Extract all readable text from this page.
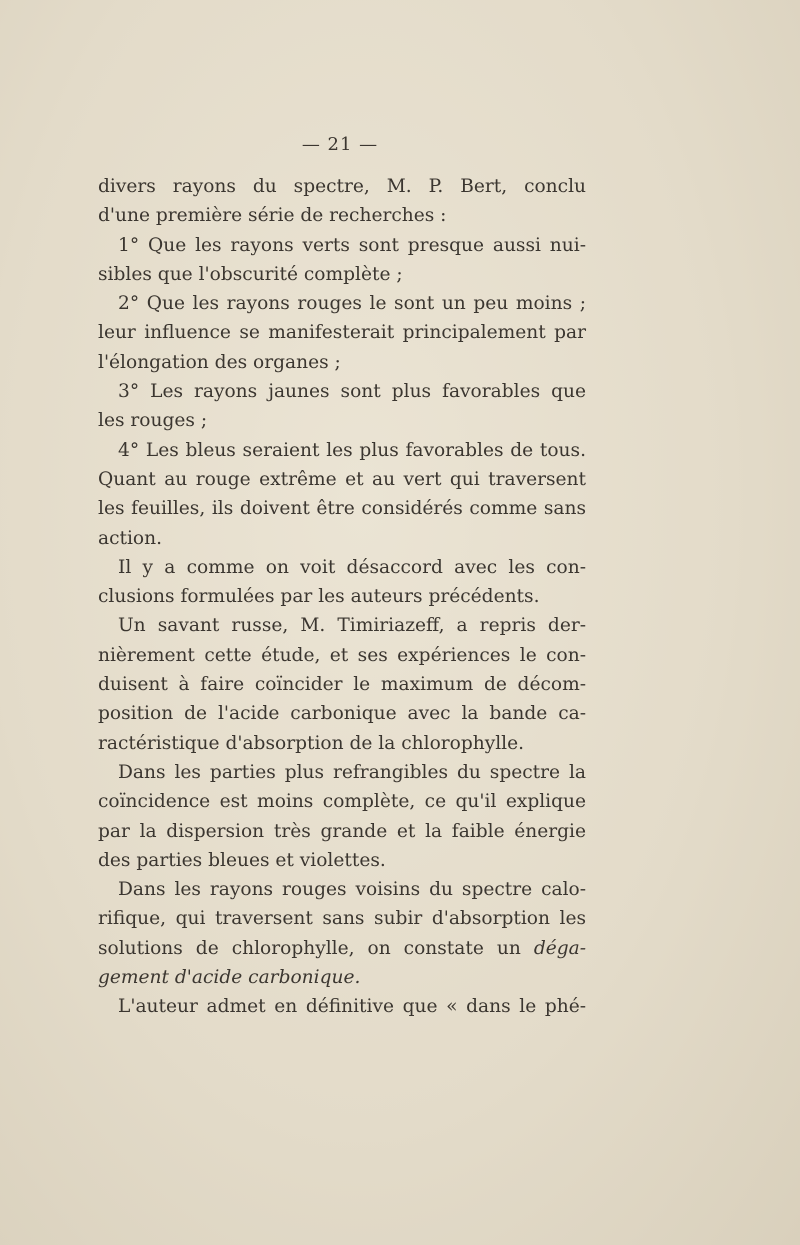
— 21 —
divers rayons du spectre, M. P. Bert, conclu
d'une première série de recherches :
1° Que les rayons verts sont presque aussi nui-
sibles que l'obscurité complète ;
2° Que les rayons rouges le sont un peu moins ;
leur influence se manifesterait principalement par
l'élongation des organes ;
3° Les rayons jaunes sont plus favorables que
les rouges ;
4° Les bleus seraient les plus favorables de tous.
Quant au rouge extrême et au vert qui traversent
les feuilles, ils doivent être considérés comme sans
action.
Il y a comme on voit désaccord avec les con-
clusions formulées par les auteurs précédents.
Un savant russe, M. Timiriazeff, a repris der-
nièrement cette étude, et ses expériences le con-
duisent à faire coïncider le maximum de décom-
position de l'acide carbonique avec la bande ca-
ractéristique d'absorption de la chlorophylle.
Dans les parties plus refrangibles du spectre la
coïncidence est moins complète, ce qu'il explique
par la dispersion très grande et la faible énergie
des parties bleues et violettes.
Dans les rayons rouges voisins du spectre calo-
rifique, qui traversent sans subir d'absorption les
solutions de chlorophylle, on constate un déga-
gement d'acide carbonique.
L'auteur admet en définitive que « dans le phé-
